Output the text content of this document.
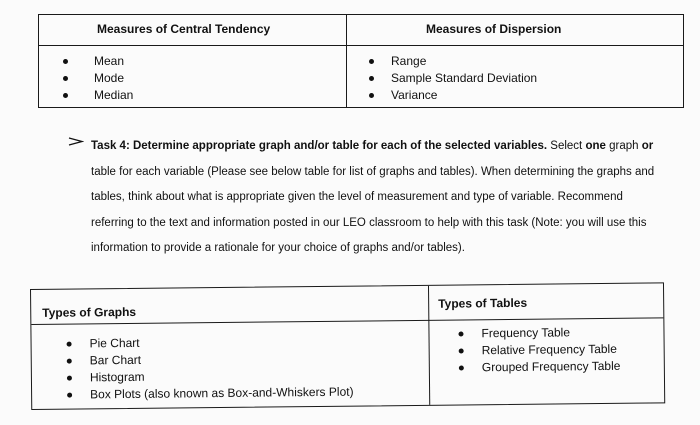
Measures of Central Tendency	Measures of Dispersion
Mean
Mode
Median
Range
Sample Standard Deviation
Variance
Task 4: Determine appropriate graph and/or table for each of the selected variables. Select one graph or table for each variable (Please see below table for list of graphs and tables). When determining the graphs and tables, think about what is appropriate given the level of measurement and type of variable. Recommend referring to the text and information posted in our LEO classroom to help with this task (Note: you will use this information to provide a rationale for your choice of graphs and/or tables).
Types of Graphs
Types of Tables
Pie Chart
Bar Chart
Histogram
Box Plots (also known as Box-and-Whiskers Plot)
Frequency Table
Relative Frequency Table
Grouped Frequency Table
